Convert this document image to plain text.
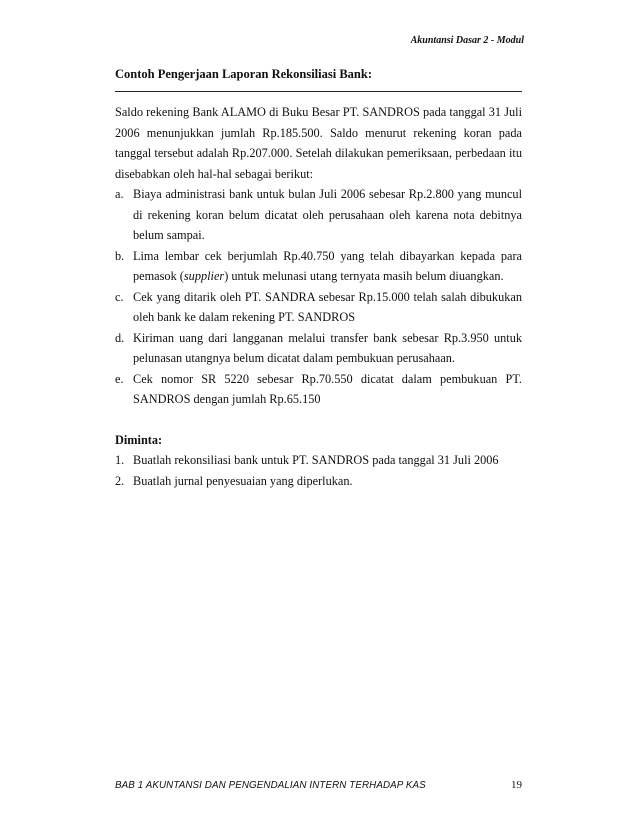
Akuntansi Dasar 2 - Modul
Contoh Pengerjaan Laporan Rekonsiliasi Bank:

Saldo rekening Bank ALAMO di Buku Besar PT. SANDROS pada tanggal 31 Juli 2006 menunjukkan jumlah Rp.185.500. Saldo menurut rekening koran pada tanggal tersebut adalah Rp.207.000. Setelah dilakukan pemeriksaan, perbedaan itu disebabkan oleh hal-hal sebagai berikut:

a. Biaya administrasi bank untuk bulan Juli 2006 sebesar Rp.2.800 yang muncul di rekening koran belum dicatat oleh perusahaan oleh karena nota debitnya belum sampai.
b. Lima lembar cek berjumlah Rp.40.750 yang telah dibayarkan kepada para pemasok (supplier) untuk melunasi utang ternyata masih belum diuangkan.
c. Cek yang ditarik oleh PT. SANDRA sebesar Rp.15.000 telah salah dibukukan oleh bank ke dalam rekening PT. SANDROS
d. Kiriman uang dari langganan melalui transfer bank sebesar Rp.3.950 untuk pelunasan utangnya belum dicatat dalam pembukuan perusahaan.
e. Cek nomor SR 5220 sebesar Rp.70.550 dicatat dalam pembukuan PT. SANDROS dengan jumlah Rp.65.150
Diminta:
1. Buatlah rekonsiliasi bank untuk PT. SANDROS pada tanggal 31 Juli 2006
2. Buatlah jurnal penyesuaian yang diperlukan.
BAB 1 AKUNTANSI DAN PENGENDALIAN INTERN TERHADAP KAS	19
